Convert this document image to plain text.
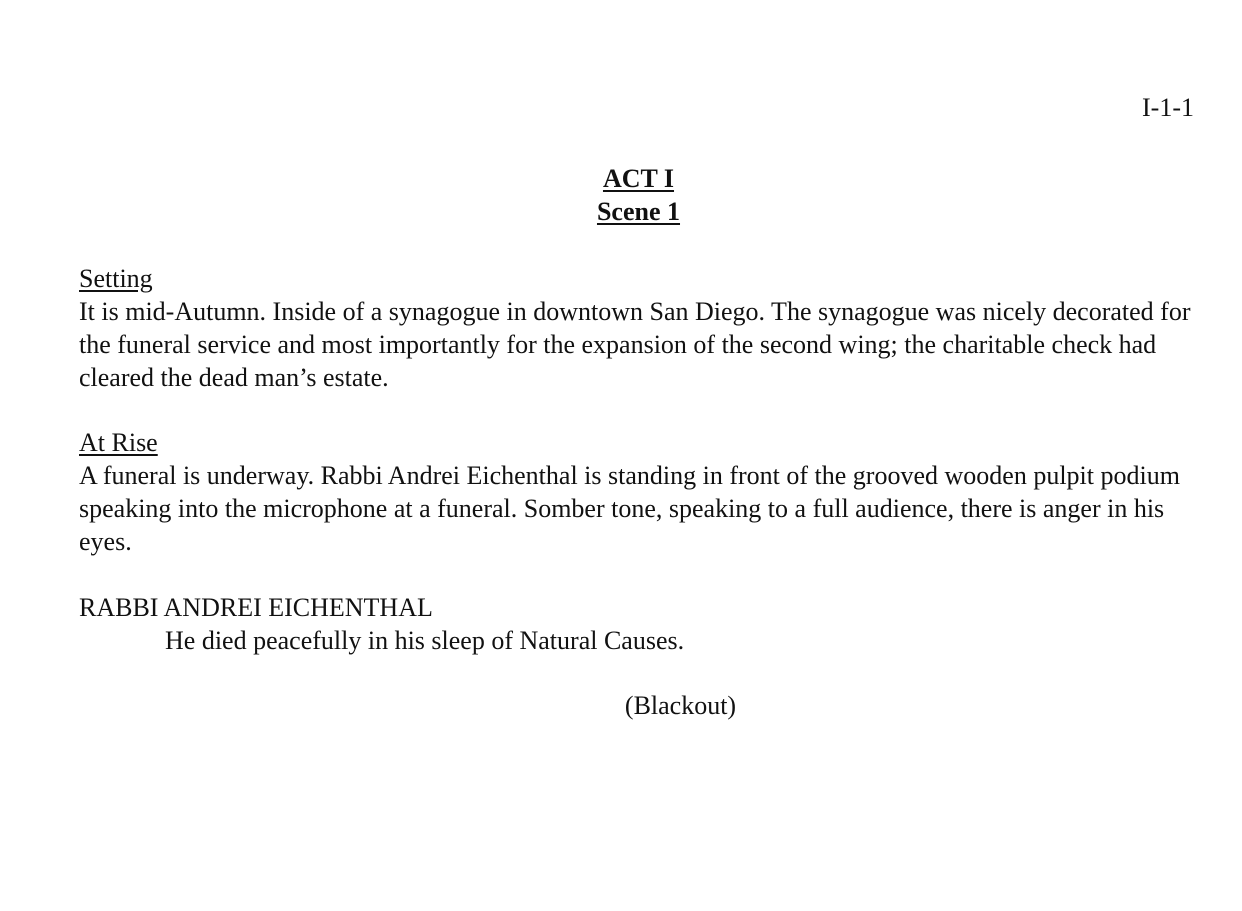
I-1-1
ACT I
Scene 1
Setting

It is mid-Autumn. Inside of a synagogue in downtown San Diego. The synagogue was nicely decorated for the funeral service and most importantly for the expansion of the second wing; the charitable check had cleared the dead man’s estate.

At Rise

A funeral is underway. Rabbi Andrei Eichenthal is standing in front of the grooved wooden pulpit podium speaking into the microphone at a funeral. Somber tone, speaking to a full audience, there is anger in his eyes.

RABBI ANDREI EICHENTHAL
He died peacefully in his sleep of Natural Causes.

(Blackout)
